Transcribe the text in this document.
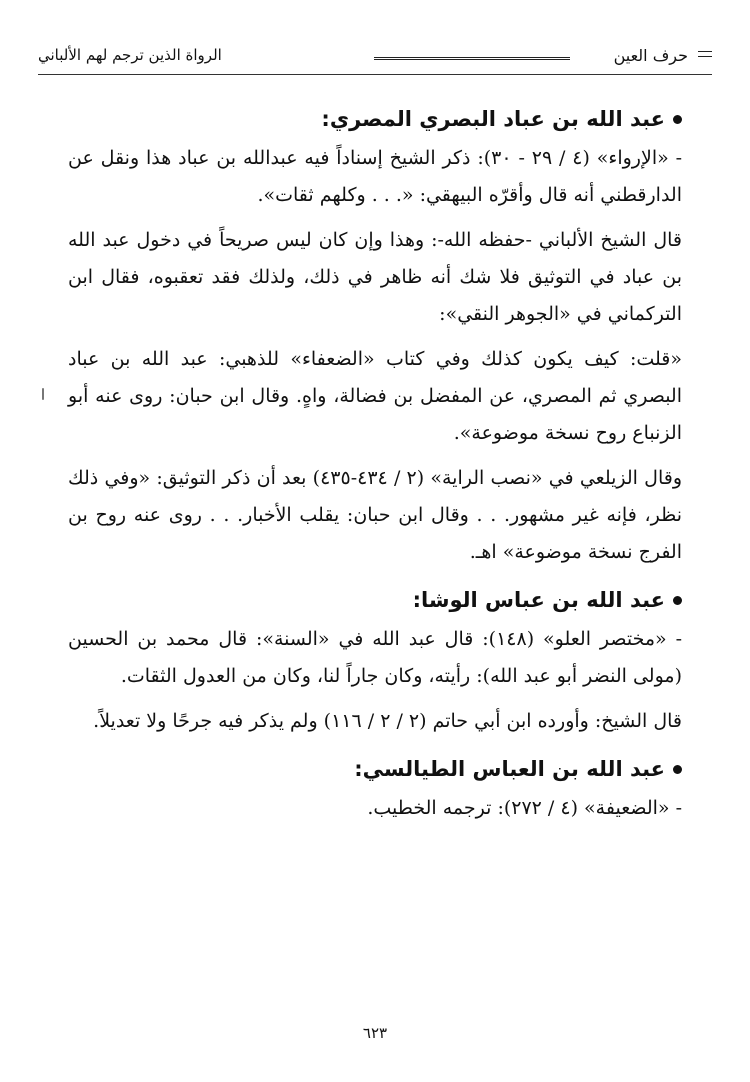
حرف العين
الرواة الذين ترجم لهم الألباني
عبد الله بن عباد البصري المصري:

- «الإرواء» (٤ / ٢٩ - ٣٠): ذكر الشيخ إسناداً فيه عبدالله بن عباد هذا ونقل عن الدارقطني أنه قال وأقرّه البيهقي: «. . . وكلهم ثقات».

قال الشيخ الألباني -حفظه الله-: وهذا وإن كان ليس صريحاً في دخول عبد الله بن عباد في التوثيق فلا شك أنه ظاهر في ذلك، ولذلك فقد تعقبوه، فقال ابن التركماني في «الجوهر النقي»:

«قلت: كيف يكون كذلك وفي كتاب «الضعفاء» للذهبي: عبد الله بن عباد البصري ثم المصري، عن المفضل بن فضالة، واهٍ. وقال ابن حبان: روى عنه أبو الزنباع روح نسخة موضوعة».

وقال الزيلعي في «نصب الراية» (٢ / ٤٣٤-٤٣٥) بعد أن ذكر التوثيق: «وفي ذلك نظر، فإنه غير مشهور. . . وقال ابن حبان: يقلب الأخبار. . . روى عنه روح بن الفرج نسخة موضوعة» اهـ.

عبد الله بن عباس الوشا:

- «مختصر العلو» (١٤٨): قال عبد الله في «السنة»: قال محمد بن الحسين (مولى النضر أبو عبد الله): رأيته، وكان جاراً لنا، وكان من العدول الثقات.

قال الشيخ: وأورده ابن أبي حاتم (٢ / ٢ / ١١٦) ولم يذكر فيه جرحًا ولا تعديلاً.

عبد الله بن العباس الطيالسي:

- «الضعيفة» (٤ / ٢٧٢): ترجمه الخطيب.

٦٢٣
